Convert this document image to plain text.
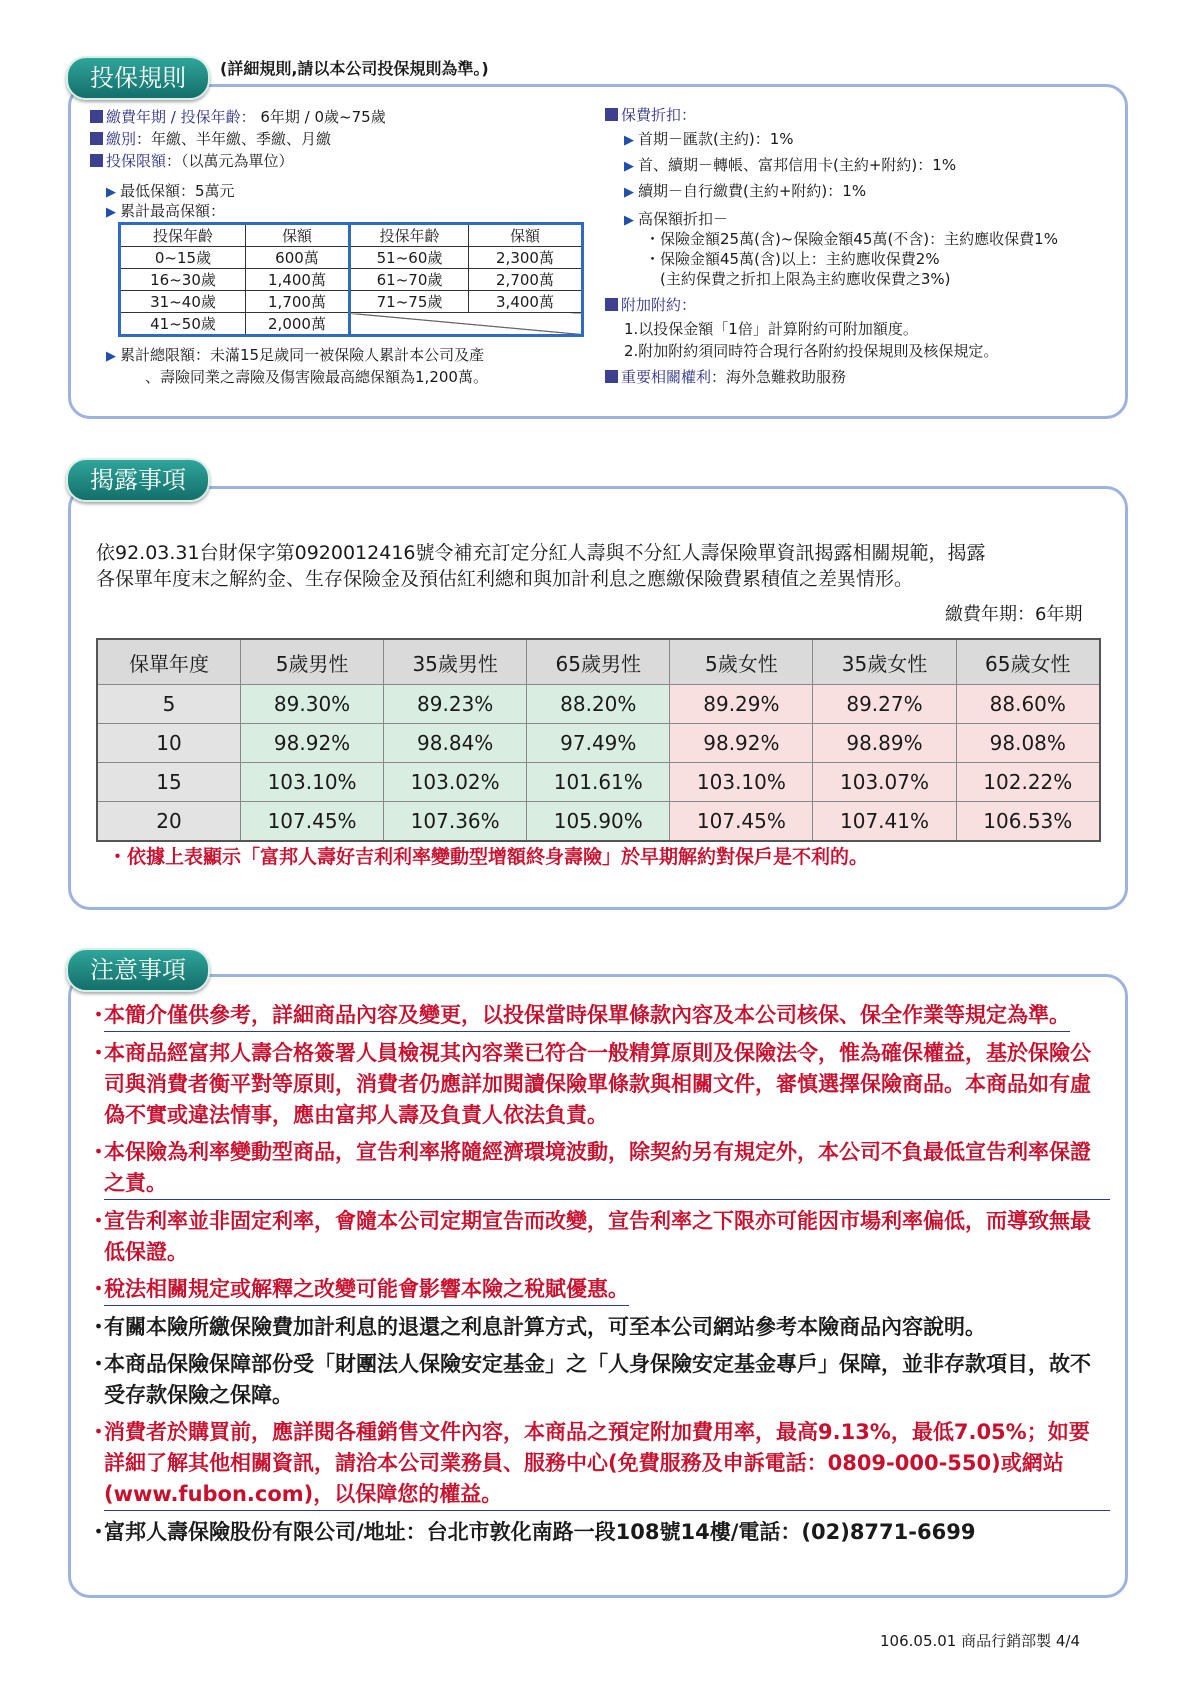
投保規則	(詳細規則,請以本公司投保規則為準。)
繳費年期 / 投保年齡： 6年期 / 0歲~75歲
繳別：年繳、半年繳、季繳、月繳
投保限額：（以萬元為單位）
▶ 最低保額：5萬元
▶ 累計最高保額：
投保年齡	保額	投保年齡	保額
0~15歲	600萬	51~60歲	2,300萬
16~30歲	1,400萬	61~70歲	2,700萬
31~40歲	1,700萬	71~75歲	3,400萬
41~50歲	2,000萬		
▶ 累計總限額：未滿15足歲同一被保險人累計本公司及產
、壽險同業之壽險及傷害險最高總保額為1,200萬。
保費折扣：
▶ 首期－匯款(主約)：1%
▶ 首、續期－轉帳、富邦信用卡(主約+附約)：1%
▶ 續期－自行繳費(主約+附約)：1%
▶ 高保額折扣－
・保險金額25萬(含)~保險金額45萬(不含)：主約應收保費1%
・保險金額45萬(含)以上：主約應收保費2%
(主約保費之折扣上限為主約應收保費之3%)
附加附約：
1.以投保金額「1倍」計算附約可附加額度。
2.附加附約須同時符合現行各附約投保規則及核保規定。
重要相關權利：海外急難救助服務
揭露事項
依92.03.31台財保字第0920012416號令補充訂定分紅人壽與不分紅人壽保險單資訊揭露相關規範，揭露
各保單年度末之解約金、生存保險金及預估紅利總和與加計利息之應繳保險費累積值之差異情形。
繳費年期：6年期
保單年度	5歲男性	35歲男性	65歲男性	5歲女性	35歲女性	65歲女性
5	89.30%	89.23%	88.20%	89.29%	89.27%	88.60%
10	98.92%	98.84%	97.49%	98.92%	98.89%	98.08%
15	103.10%	103.02%	101.61%	103.10%	103.07%	102.22%
20	107.45%	107.36%	105.90%	107.45%	107.41%	106.53%
・依據上表顯示「富邦人壽好吉利利率變動型增額終身壽險」於早期解約對保戶是不利的。
注意事項
・
本簡介僅供參考，詳細商品內容及變更，以投保當時保單條款內容及本公司核保、保全作業等規定為準。
・
本商品經富邦人壽合格簽署人員檢視其內容業已符合一般精算原則及保險法令，惟為確保權益，基於保險公司與消費者衡平對等原則，消費者仍應詳加閱讀保險單條款與相關文件，審慎選擇保險商品。本商品如有虛偽不實或違法情事，應由富邦人壽及負責人依法負責。
・
本保險為利率變動型商品，宣告利率將隨經濟環境波動，除契約另有規定外，本公司不負最低宣告利率保證之責。
・
宣告利率並非固定利率，會隨本公司定期宣告而改變，宣告利率之下限亦可能因市場利率偏低，而導致無最低保證。
・
稅法相關規定或解釋之改變可能會影響本險之稅賦優惠。
・
有關本險所繳保險費加計利息的退還之利息計算方式，可至本公司網站參考本險商品內容說明。
・
本商品保險保障部份受「財團法人保險安定基金」之「人身保險安定基金專戶」保障，並非存款項目，故不受存款保險之保障。
・
消費者於購買前，應詳閱各種銷售文件內容，本商品之預定附加費用率，最高9.13%，最低7.05%；如要詳細了解其他相關資訊，請洽本公司業務員、服務中心(免費服務及申訴電話：0809-000-550)或網站(www.fubon.com)，以保障您的權益。
・
富邦人壽保險股份有限公司/地址：台北市敦化南路一段108號14樓/電話：(02)8771-6699
106.05.01 商品行銷部製 4/4
